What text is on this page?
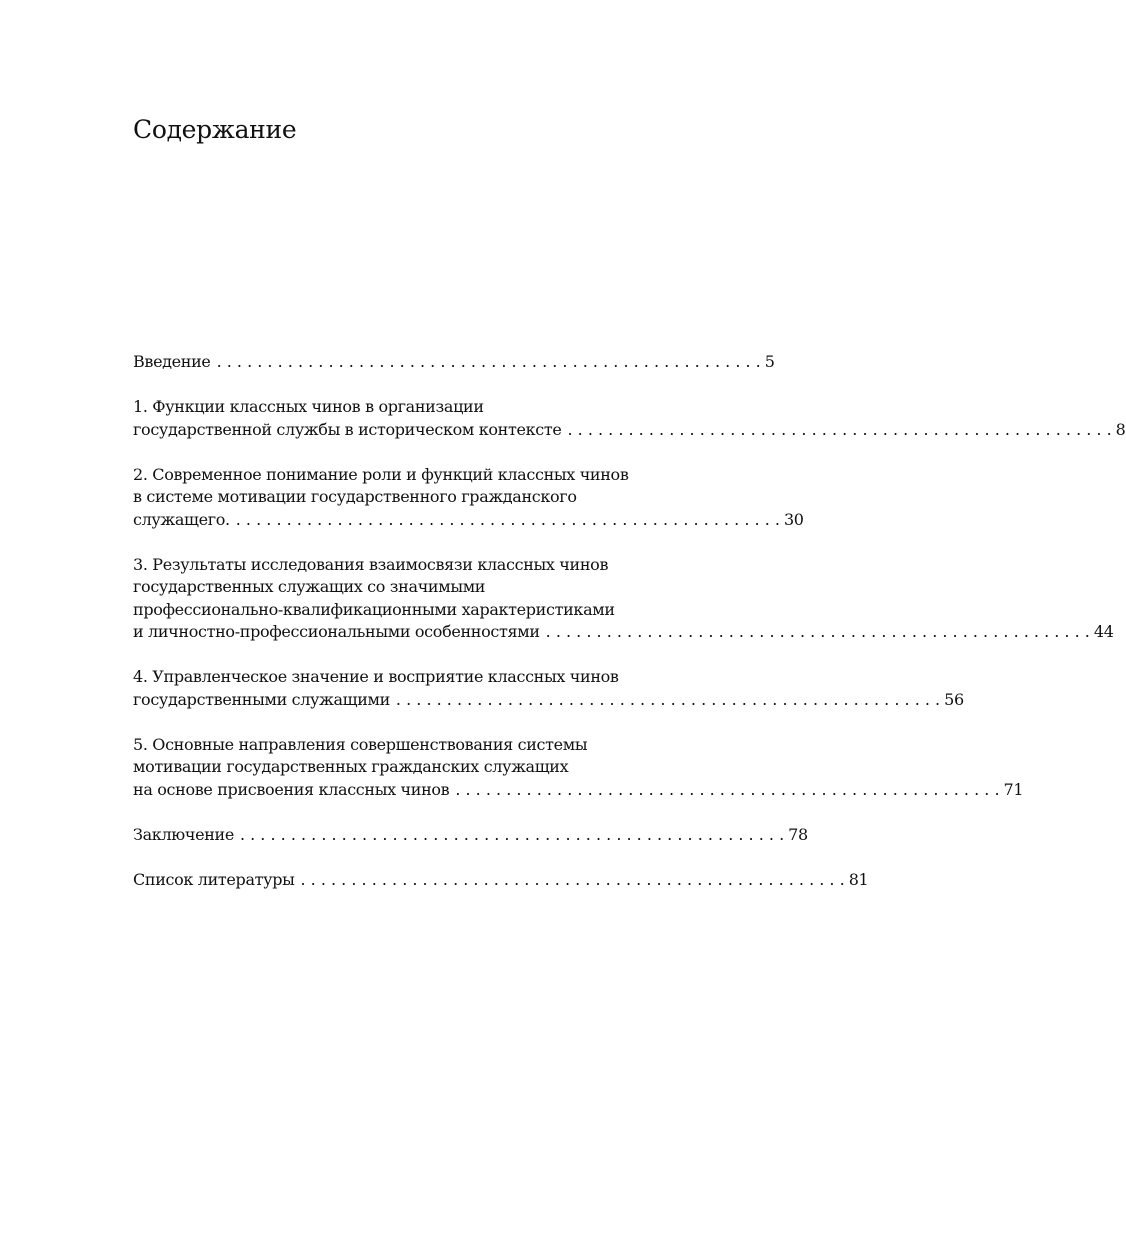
Содержание
Введение . . . . . . . . . . . . . . . . . . . . . . . . . . . . . . . . . . . . . . . . . . . . . . . . . . . . . . 5
1. Функции классных чинов в организации
государственной службы в историческом контексте . . . . . . . . . . . . . . . . . . . . . . . . . . . . . . . . . . . . . . . . . . . . . . . . . . . . . . 8
2. Современное понимание роли и функций классных чинов
в системе мотивации государственного гражданского
служащего. . . . . . . . . . . . . . . . . . . . . . . . . . . . . . . . . . . . . . . . . . . . . . . . . . . . . . . 30
3. Результаты исследования взаимосвязи классных чинов
государственных служащих со значимыми
профессионально-квалификационными характеристиками
и личностно-профессиональными особенностями . . . . . . . . . . . . . . . . . . . . . . . . . . . . . . . . . . . . . . . . . . . . . . . . . . . . . . 44
4. Управленческое значение и восприятие классных чинов
государственными служащими . . . . . . . . . . . . . . . . . . . . . . . . . . . . . . . . . . . . . . . . . . . . . . . . . . . . . . 56
5. Основные направления совершенствования системы
мотивации государственных гражданских служащих
на основе присвоения классных чинов . . . . . . . . . . . . . . . . . . . . . . . . . . . . . . . . . . . . . . . . . . . . . . . . . . . . . . 71
Заключение . . . . . . . . . . . . . . . . . . . . . . . . . . . . . . . . . . . . . . . . . . . . . . . . . . . . . . 78
Список литературы . . . . . . . . . . . . . . . . . . . . . . . . . . . . . . . . . . . . . . . . . . . . . . . . . . . . . . 81
